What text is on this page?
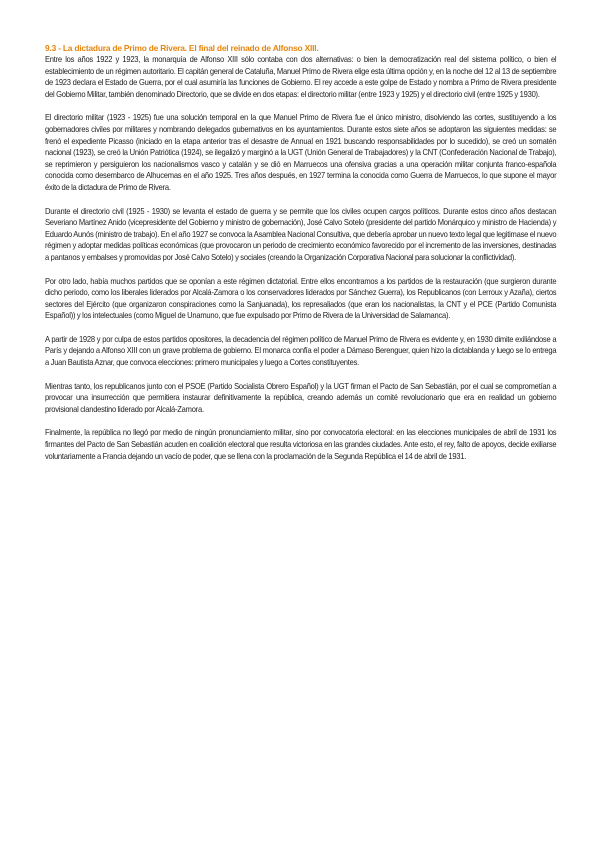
9.3 - La dictadura de Primo de Rivera. El final del reinado de Alfonso XIII.

Entre los años 1922 y 1923, la monarquía de Alfonso XIII sólo contaba con dos alternativas: o bien la democratización real del sistema político, o bien el establecimiento de un régimen autoritario. El capitán general de Cataluña, Manuel Primo de Rivera elige esta última opción y, en la noche del 12 al 13 de septiembre de 1923 declara el Estado de Guerra, por el cual asumiría las funciones de Gobierno. El rey accede a este golpe de Estado y nombra a Primo de Rivera presidente del Gobierno Militar, también denominado Directorio, que se divide en dos etapas: el directorio militar (entre 1923 y 1925) y el directorio civil (entre 1925 y 1930).

El directorio militar (1923 - 1925) fue una solución temporal en la que Manuel Primo de Rivera fue el único ministro, disolviendo las cortes, sustituyendo a los gobernadores civiles por militares y nombrando delegados gubernativos en los ayuntamientos. Durante estos siete años se adoptaron las siguientes medidas: se frenó el expediente Picasso (iniciado en la etapa anterior tras el desastre de Annual en 1921 buscando responsabilidades por lo sucedido), se creó un somatén nacional (1923), se creó la Unión Patriótica (1924), se ilegalizó y marginó a la UGT (Unión General de Trabajadores) y la CNT (Confederación Nacional de Trabajo), se reprimieron y persiguieron los nacionalismos vasco y catalán y se dió en Marruecos una ofensiva gracias a una operación militar conjunta franco-española conocida como desembarco de Alhucemas en el año 1925. Tres años después, en 1927 termina la conocida como Guerra de Marruecos, lo que supone el mayor éxito de la dictadura de Primo de Rivera.

Durante el directorio civil (1925 - 1930) se levanta el estado de guerra y se permite que los civiles ocupen cargos políticos. Durante estos cinco años destacan Severiano Martínez Anido (vicepresidente del Gobierno y ministro de gobernación), José Calvo Sotelo (presidente del partido Monárquico y ministro de Hacienda) y Eduardo Aunós (ministro de trabajo). En el año 1927 se convoca la Asamblea Nacional Consultiva, que debería aprobar un nuevo texto legal que legitimase el nuevo régimen y adoptar medidas políticas económicas (que provocaron un periodo de crecimiento económico favorecido por el incremento de las inversiones, destinadas a pantanos y embalses y promovidas por José Calvo Sotelo) y sociales (creando la Organización Corporativa Nacional para solucionar la conflictividad).

Por otro lado, había muchos partidos que se oponían a este régimen dictatorial. Entre ellos encontramos a los partidos de la restauración (que surgieron durante dicho periodo, como los liberales liderados por Alcalá-Zamora o los conservadores liderados por Sánchez Guerra), los Republicanos (con Lerroux y Azaña), ciertos sectores del Ejército (que organizaron conspiraciones como la Sanjuanada), los represaliados (que eran los nacionalistas, la CNT y el PCE (Partido Comunista Español)) y los intelectuales (como Miguel de Unamuno, que fue expulsado por Primo de Rivera de la Universidad de Salamanca).

A partir de 1928 y por culpa de estos partidos opositores, la decadencia del régimen político de Manuel Primo de Rivera es evidente y, en 1930 dimite exiliándose a París y dejando a Alfonso XIII con un grave problema de gobierno. El monarca confía el poder a Dámaso Berenguer, quien hizo la dictablanda y luego se lo entrega a Juan Bautista Aznar, que convoca elecciones: primero municipales y luego a Cortes constituyentes.

Mientras tanto, los republicanos junto con el PSOE (Partido Socialista Obrero Español) y la UGT firman el Pacto de San Sebastián, por el cual se comprometían a provocar una insurrección que permitiera instaurar definitivamente la república, creando además un comité revolucionario que era en realidad un gobierno provisional clandestino liderado por Alcalá-Zamora.

Finalmente, la república no llegó por medio de ningún pronunciamiento militar, sino por convocatoria electoral: en las elecciones municipales de abril de 1931 los firmantes del Pacto de San Sebastián acuden en coalición electoral que resulta victoriosa en las grandes ciudades. Ante esto, el rey, falto de apoyos, decide exiliarse voluntariamente a Francia dejando un vacío de poder, que se llena con la proclamación de la Segunda República el 14 de abril de 1931.
